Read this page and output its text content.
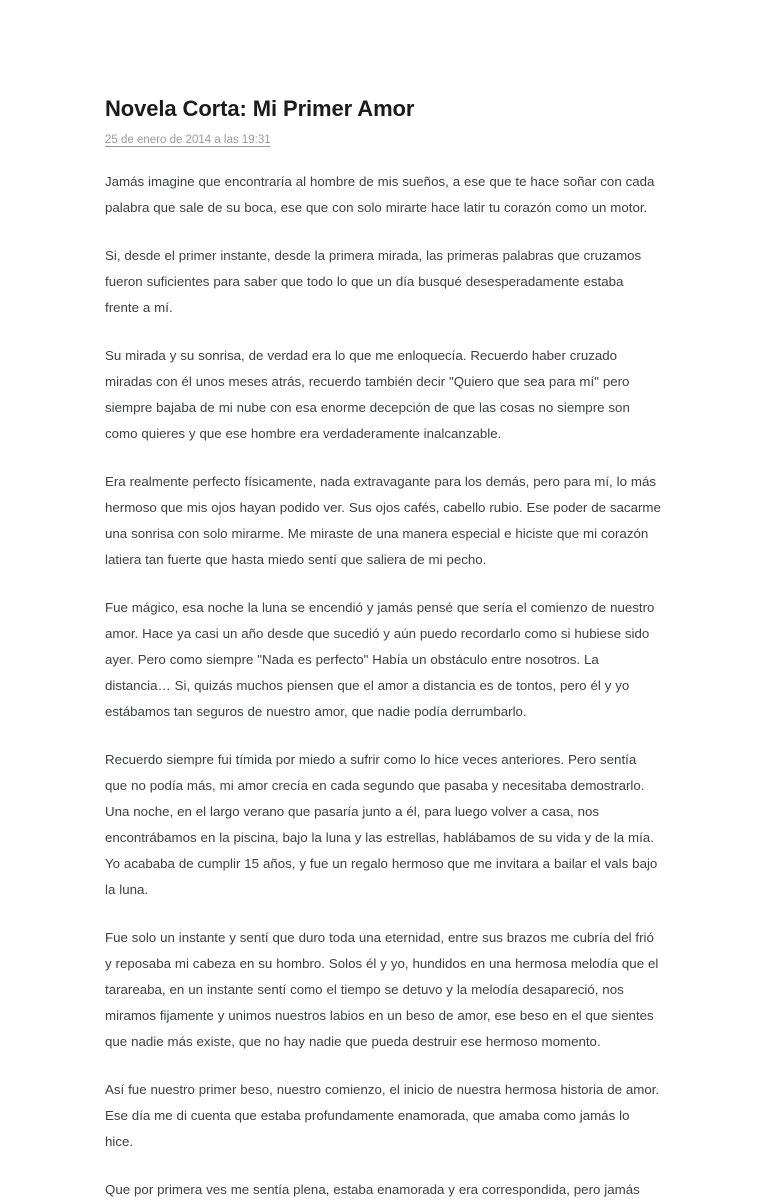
Novela Corta: Mi Primer Amor
25 de enero de 2014 a las 19:31

Jamás imagine que encontraría al hombre de mis sueños, a ese que te hace soñar con cada palabra que sale de su boca, ese que con solo mirarte hace latir tu corazón como un motor.

Si, desde el primer instante, desde la primera mirada, las primeras palabras que cruzamos fueron suficientes para saber que todo lo que un día busqué desesperadamente estaba frente a mí.

Su mirada y su sonrisa, de verdad era lo que me enloquecía. Recuerdo haber cruzado miradas con él unos meses atrás, recuerdo también decir "Quiero que sea para mí" pero siempre bajaba de mi nube con esa enorme decepción de que las cosas no siempre son como quieres y que ese hombre era verdaderamente inalcanzable.

Era realmente perfecto físicamente, nada extravagante para los demás, pero para mí, lo más hermoso que mis ojos hayan podido ver. Sus ojos cafés, cabello rubio. Ese poder de sacarme una sonrisa con solo mirarme. Me miraste de una manera especial e hiciste que mi corazón latiera tan fuerte que hasta miedo sentí que saliera de mi pecho.

Fue mágico, esa noche la luna se encendió y jamás pensé que sería el comienzo de nuestro amor. Hace ya casi un año desde que sucedió y aún puedo recordarlo como si hubiese sido ayer. Pero como siempre "Nada es perfecto" Había un obstáculo entre nosotros. La distancia… Si, quizás muchos piensen que el amor a distancia es de tontos, pero él y yo estábamos tan seguros de nuestro amor, que nadie podía derrumbarlo.

Recuerdo siempre fui tímida por miedo a sufrir como lo hice veces anteriores. Pero sentía que no podía más, mi amor crecía en cada segundo que pasaba y necesitaba demostrarlo. Una noche, en el largo verano que pasaría junto a él, para luego volver a casa, nos encontrábamos en la piscina, bajo la luna y las estrellas, hablábamos de su vida y de la mía. Yo acababa de cumplir 15 años, y fue un regalo hermoso que me invitara a bailar el vals bajo la luna.

Fue solo un instante y sentí que duro toda una eternidad, entre sus brazos me cubría del frió y reposaba mi cabeza en su hombro. Solos él y yo, hundidos en una hermosa melodía que el tarareaba, en un instante sentí como el tiempo se detuvo y la melodía desapareció, nos miramos fijamente y unimos nuestros labios en un beso de amor, ese beso en el que sientes que nadie más existe, que no hay nadie que pueda destruir ese hermoso momento.

Así fue nuestro primer beso, nuestro comienzo, el inicio de nuestra hermosa historia de amor. Ese día me di cuenta que estaba profundamente enamorada, que amaba como jamás lo hice.

Que por primera ves me sentía plena, estaba enamorada y era correspondida, pero jamás
